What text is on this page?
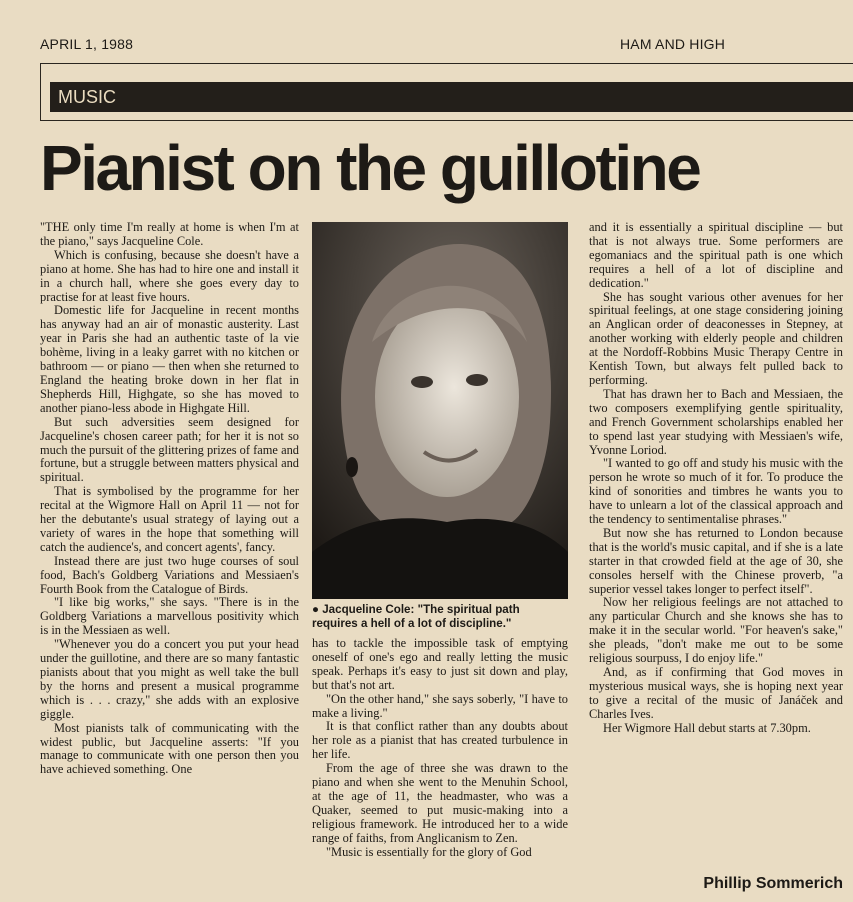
APRIL 1, 1988	HAM AND HIGH
MUSIC
Pianist on the guillotine

"THE only time I'm really at home is when I'm at the piano," says Jacqueline Cole.

Which is confusing, because she doesn't have a piano at home. She has had to hire one and install it in a church hall, where she goes every day to practise for at least five hours.

Domestic life for Jacqueline in recent months has anyway had an air of monastic austerity. Last year in Paris she had an authentic taste of la vie bohème, living in a leaky garret with no kitchen or bathroom — or piano — then when she returned to England the heating broke down in her flat in Shepherds Hill, Highgate, so she has moved to another piano-less abode in Highgate Hill.

But such adversities seem designed for Jacqueline's chosen career path; for her it is not so much the pursuit of the glittering prizes of fame and fortune, but a struggle between matters physical and spiritual.

That is symbolised by the programme for her recital at the Wigmore Hall on April 11 — not for her the debutante's usual strategy of laying out a variety of wares in the hope that something will catch the audience's, and concert agents', fancy.

Instead there are just two huge courses of soul food, Bach's Goldberg Variations and Messiaen's Fourth Book from the Catalogue of Birds.

"I like big works," she says. "There is in the Goldberg Variations a marvellous positivity which is in the Messiaen as well.

"Whenever you do a concert you put your head under the guillotine, and there are so many fantastic pianists about that you might as well take the bull by the horns and present a musical programme which is . . . crazy," she adds with an explosive giggle.

Most pianists talk of communicating with the widest public, but Jacqueline asserts: "If you manage to communicate with one person then you have achieved something. One

● Jacqueline Cole: "The spiritual path requires a hell of a lot of discipline."

has to tackle the impossible task of emptying oneself of one's ego and really letting the music speak. Perhaps it's easy to just sit down and play, but that's not art.

"On the other hand," she says soberly, "I have to make a living."

It is that conflict rather than any doubts about her role as a pianist that has created turbulence in her life.

From the age of three she was drawn to the piano and when she went to the Menuhin School, at the age of 11, the headmaster, who was a Quaker, seemed to put music-making into a religious framework. He introduced her to a wide range of faiths, from Anglicanism to Zen.

"Music is essentially for the glory of God

and it is essentially a spiritual discipline — but that is not always true. Some performers are egomaniacs and the spiritual path is one which requires a hell of a lot of discipline and dedication."

She has sought various other avenues for her spiritual feelings, at one stage considering joining an Anglican order of deaconesses in Stepney, at another working with elderly people and children at the Nordoff-Robbins Music Therapy Centre in Kentish Town, but always felt pulled back to performing.

That has drawn her to Bach and Messiaen, the two composers exemplifying gentle spirituality, and French Government scholarships enabled her to spend last year studying with Messiaen's wife, Yvonne Loriod.

"I wanted to go off and study his music with the person he wrote so much of it for. To produce the kind of sonorities and timbres he wants you to have to unlearn a lot of the classical approach and the tendency to sentimentalise phrases."

But now she has returned to London because that is the world's music capital, and if she is a late starter in that crowded field at the age of 30, she consoles herself with the Chinese proverb, "a superior vessel takes longer to perfect itself".

Now her religious feelings are not attached to any particular Church and she knows she has to make it in the secular world. "For heaven's sake," she pleads, "don't make me out to be some religious sourpuss, I do enjoy life."

And, as if confirming that God moves in mysterious musical ways, she is hoping next year to give a recital of the music of Janáček and Charles Ives.

Her Wigmore Hall debut starts at 7.30pm.

Phillip Sommerich
